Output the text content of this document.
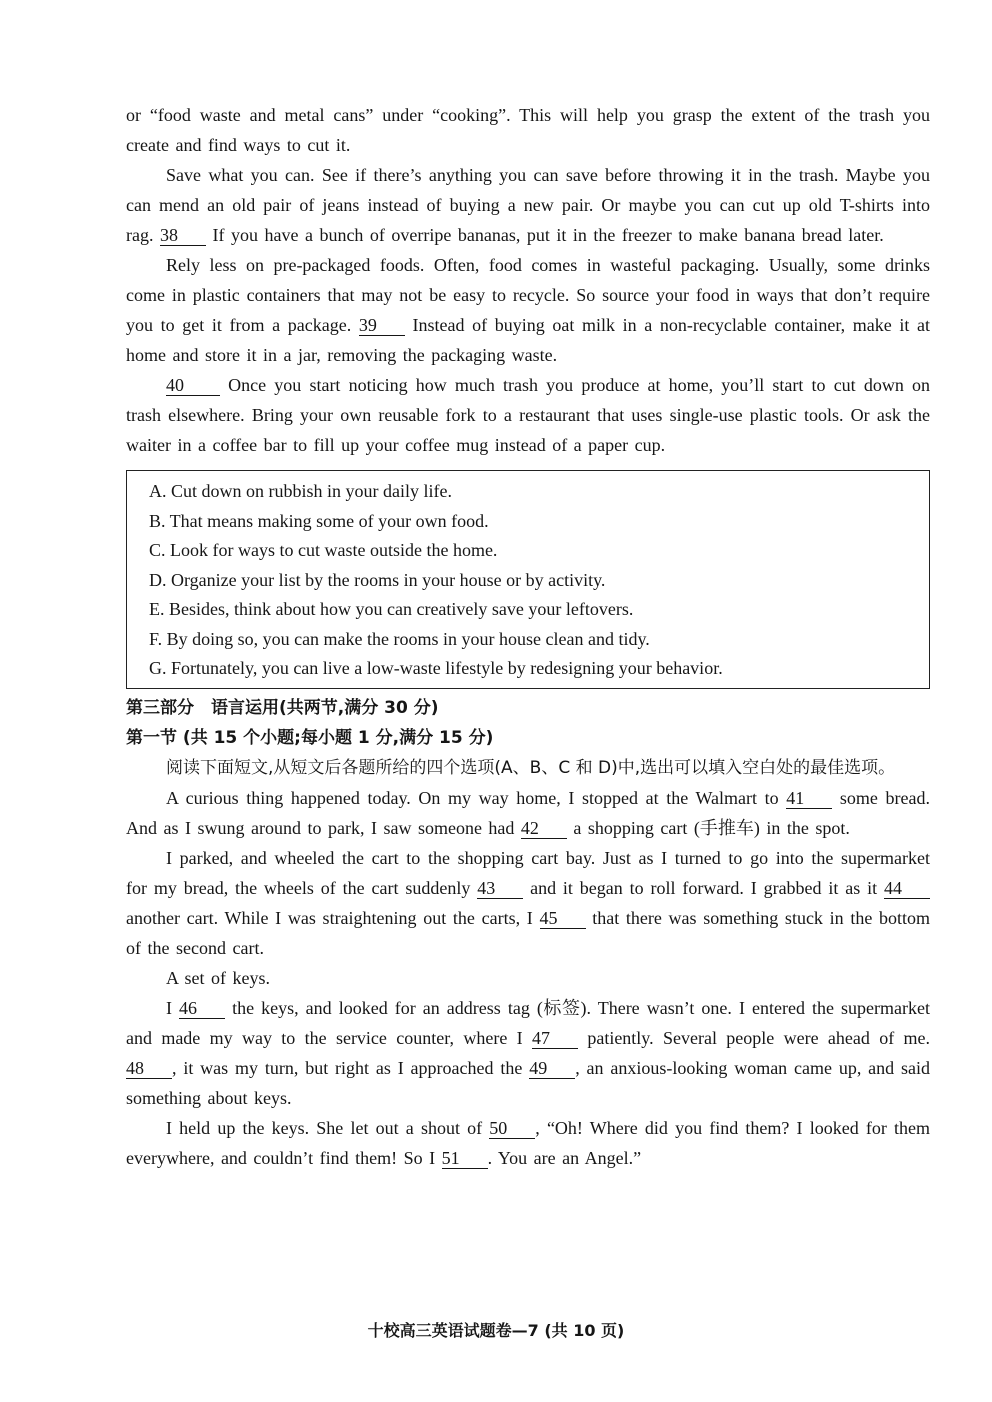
or “food waste and metal cans” under “cooking”. This will help you grasp the extent of the trash you create and find ways to cut it.

Save what you can. See if there’s anything you can save before throwing it in the trash. Maybe you can mend an old pair of jeans instead of buying a new pair. Or maybe you can cut up old T-shirts into rag. 38 If you have a bunch of overripe bananas, put it in the freezer to make banana bread later.

Rely less on pre-packaged foods. Often, food comes in wasteful packaging. Usually, some drinks come in plastic containers that may not be easy to recycle. So source your food in ways that don’t require you to get it from a package. 39 Instead of buying oat milk in a non-recyclable container, make it at home and store it in a jar, removing the packaging waste.

40 Once you start noticing how much trash you produce at home, you’ll start to cut down on trash elsewhere. Bring your own reusable fork to a restaurant that uses single-use plastic tools. Or ask the waiter in a coffee bar to fill up your coffee mug instead of a paper cup.

A. Cut down on rubbish in your daily life.
B. That means making some of your own food.
C. Look for ways to cut waste outside the home.
D. Organize your list by the rooms in your house or by activity.
E. Besides, think about how you can creatively save your leftovers.
F. By doing so, you can make the rooms in your house clean and tidy.
G. Fortunately, you can live a low-waste lifestyle by redesigning your behavior.
第三部分　语言运用(共两节,满分 30 分)
第一节 (共 15 个小题;每小题 1 分,满分 15 分)

阅读下面短文,从短文后各题所给的四个选项(A、B、C 和 D)中,选出可以填入空白处的最佳选项。

A curious thing happened today. On my way home, I stopped at the Walmart to 41 some bread. And as I swung around to park, I saw someone had 42 a shopping cart (手推车) in the spot.

I parked, and wheeled the cart to the shopping cart bay. Just as I turned to go into the supermarket for my bread, the wheels of the cart suddenly 43 and it began to roll forward. I grabbed it as it 44 another cart. While I was straightening out the carts, I 45 that there was something stuck in the bottom of the second cart.

A set of keys.

I 46 the keys, and looked for an address tag (标签). There wasn’t one. I entered the supermarket and made my way to the service counter, where I 47 patiently. Several people were ahead of me. 48 , it was my turn, but right as I approached the 49 , an anxious-looking woman came up, and said something about keys.

I held up the keys. She let out a shout of 50 , “Oh! Where did you find them? I looked for them everywhere, and couldn’t find them! So I 51 . You are an Angel.”

十校高三英语试题卷—7 (共 10 页)
